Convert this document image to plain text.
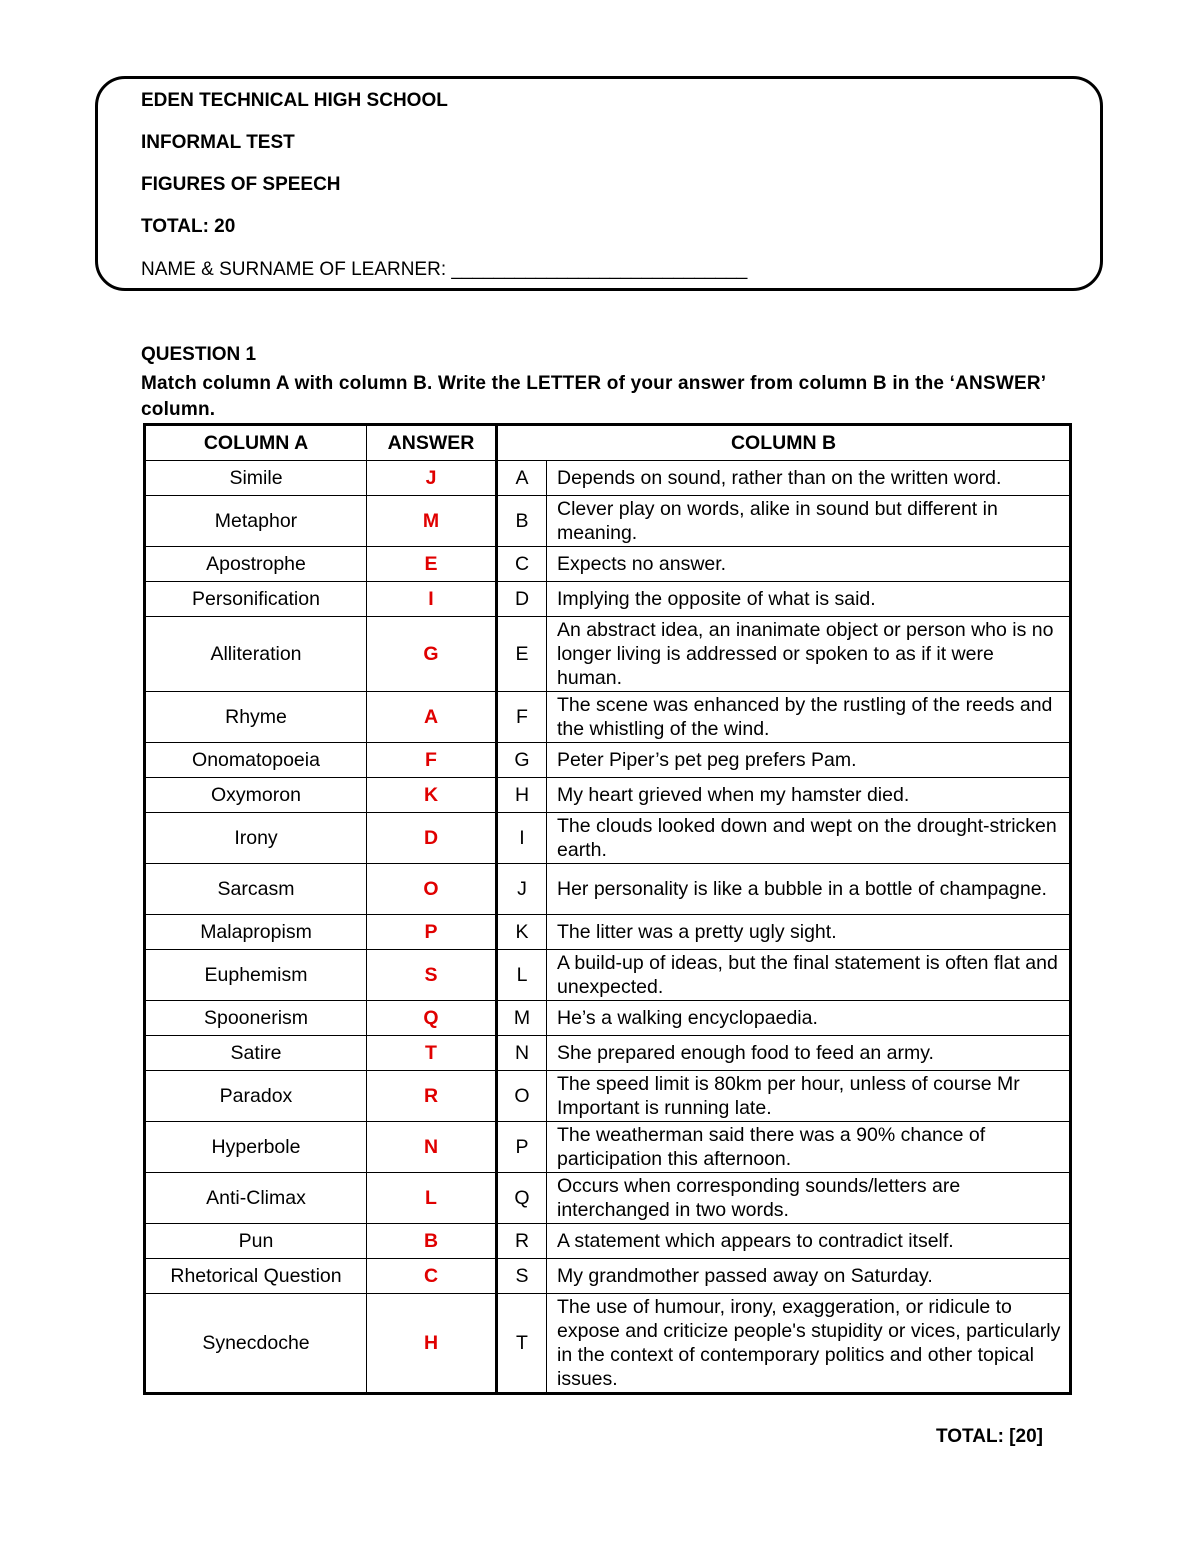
EDEN TECHNICAL HIGH SCHOOL
INFORMAL TEST
FIGURES OF SPEECH
TOTAL: 20
NAME & SURNAME OF LEARNER: ____________________________
QUESTION 1
Match column A with column B. Write the LETTER of your answer from column B in the ‘ANSWER’ column.
COLUMN A	ANSWER	COLUMN B	
Simile	J	A	Depends on sound, rather than on the written word.
Metaphor	M	B	Clever play on words, alike in sound but different in meaning.
Apostrophe	E	C	Expects no answer.
Personification	I	D	Implying the opposite of what is said.
Alliteration	G	E	An abstract idea, an inanimate object or person who is no longer living is addressed or spoken to as if it were human.
Rhyme	A	F	The scene was enhanced by the rustling of the reeds and the whistling of the wind.
Onomatopoeia	F	G	Peter Piper’s pet peg prefers Pam.
Oxymoron	K	H	My heart grieved when my hamster died.
Irony	D	I	The clouds looked down and wept on the drought-stricken earth.
Sarcasm	O	J	Her personality is like a bubble in a bottle of champagne.
Malapropism	P	K	The litter was a pretty ugly sight.
Euphemism	S	L	A build-up of ideas, but the final statement is often flat and unexpected.
Spoonerism	Q	M	He’s a walking encyclopaedia.
Satire	T	N	She prepared enough food to feed an army.
Paradox	R	O	The speed limit is 80km per hour, unless of course Mr Important is running late.
Hyperbole	N	P	The weatherman said there was a 90% chance of participation this afternoon.
Anti-Climax	L	Q	Occurs when corresponding sounds/letters are interchanged in two words.
Pun	B	R	A statement which appears to contradict itself.
Rhetorical Question	C	S	My grandmother passed away on Saturday.
Synecdoche	H	T	The use of humour, irony, exaggeration, or ridicule to expose and criticize people's stupidity or vices, particularly in the context of contemporary politics and other topical issues.
TOTAL: [20]
